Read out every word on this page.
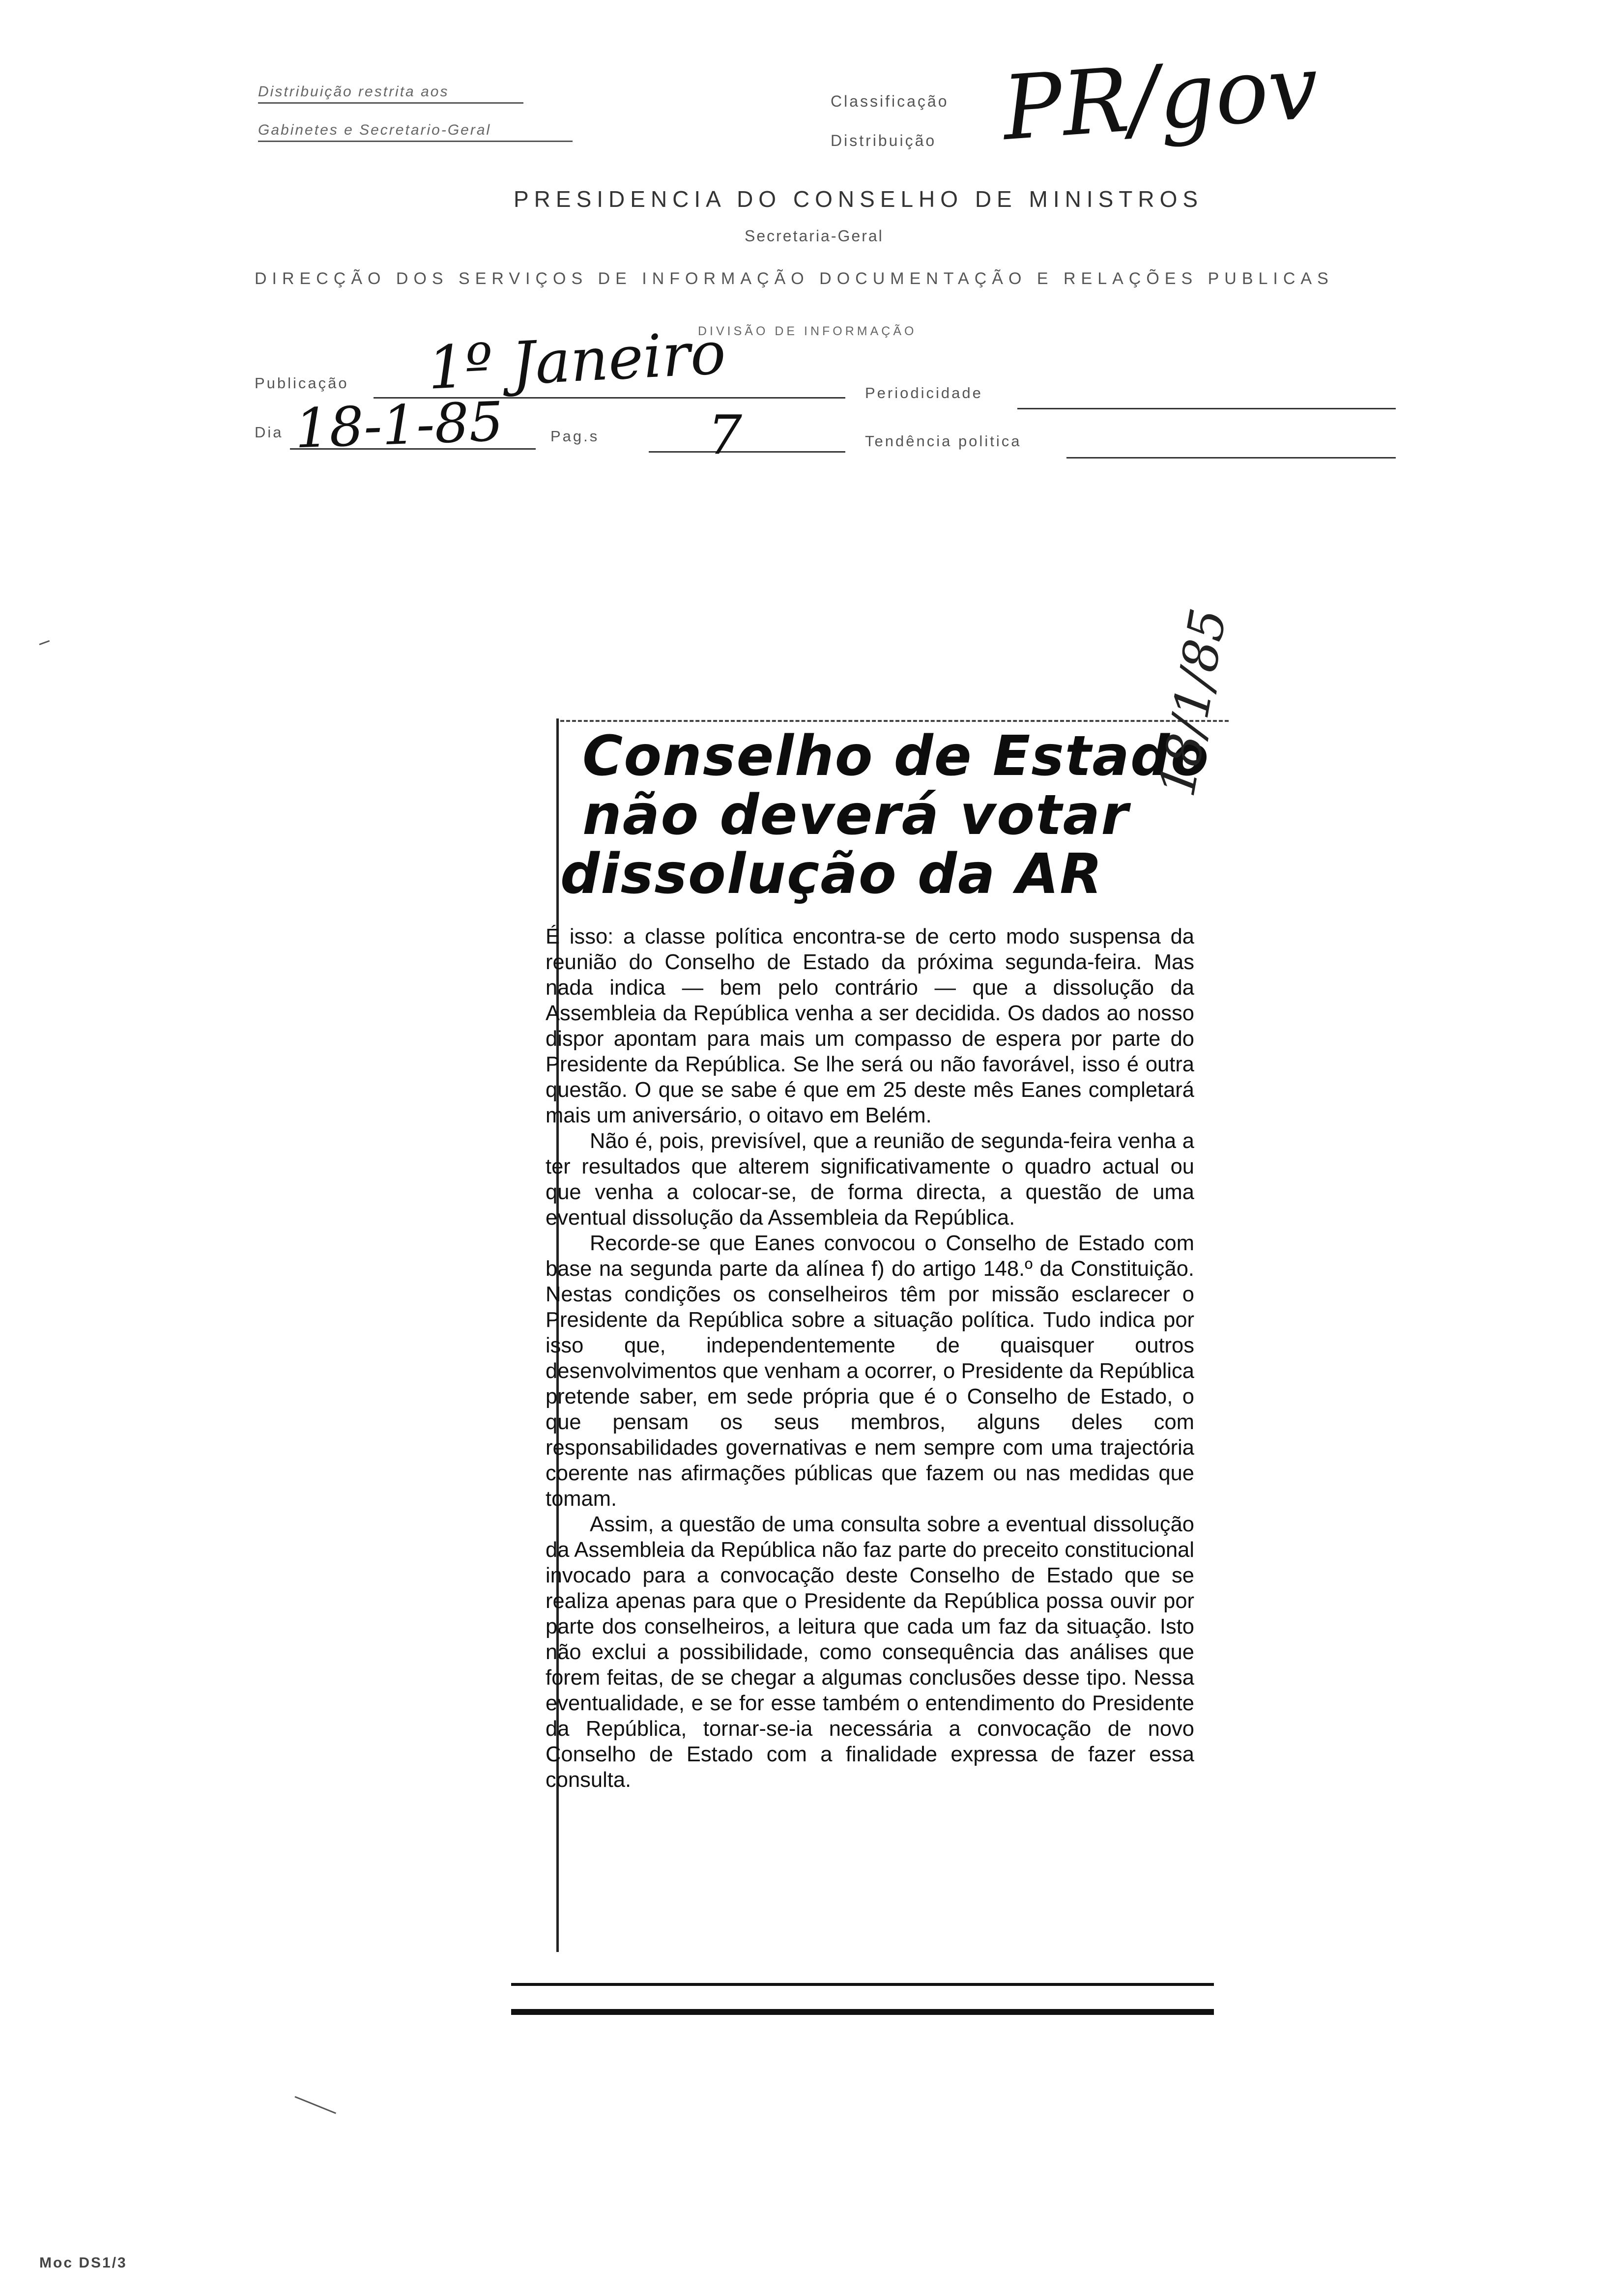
Distribuição restrita aos
Gabinetes e Secretario-Geral
Classificação
Distribuição PR/gov
PRESIDENCIA DO CONSELHO DE MINISTROS
Secretaria-Geral
DIRECÇÃO DOS SERVIÇOS DE INFORMAÇÃO DOCUMENTAÇÃO E RELAÇÕES PUBLICAS
DIVISÃO DE INFORMAÇÃO
Publicação 1º Janeiro	Periodicidade
Dia 18-1-85	Pag.s 7	Tendência politica
Conselho de Estado
não deverá votar
dissolução da AR
18/1/85

É isso: a classe política encontra-se de certo modo suspensa da reunião do Conselho de Estado da próxima segunda-feira. Mas nada indica — bem pelo contrário — que a dissolução da Assembleia da República venha a ser decidida. Os dados ao nosso dispor apontam para mais um compasso de espera por parte do Presidente da República. Se lhe será ou não favorável, isso é outra questão. O que se sabe é que em 25 deste mês Eanes completará mais um aniversário, o oitavo em Belém.

Não é, pois, previsível, que a reunião de segunda-feira venha a ter resultados que alterem significativamente o quadro actual ou que venha a colocar-se, de forma directa, a questão de uma eventual dissolução da Assembleia da República.

Recorde-se que Eanes convocou o Conselho de Estado com base na segunda parte da alínea f) do artigo 148.º da Constituição. Nestas condições os conselheiros têm por missão esclarecer o Presidente da República sobre a situação política. Tudo indica por isso que, independentemente de quaisquer outros desenvolvimentos que venham a ocorrer, o Presidente da República pretende saber, em sede própria que é o Conselho de Estado, o que pensam os seus membros, alguns deles com responsabilidades governativas e nem sempre com uma trajectória coerente nas afirmações públicas que fazem ou nas medidas que tomam.

Assim, a questão de uma consulta sobre a eventual dissolução da Assembleia da República não faz parte do preceito constitucional invocado para a convocação deste Conselho de Estado que se realiza apenas para que o Presidente da República possa ouvir por parte dos conselheiros, a leitura que cada um faz da situação. Isto não exclui a possibilidade, como consequência das análises que forem feitas, de se chegar a algumas conclusões desse tipo. Nessa eventualidade, e se for esse também o entendimento do Presidente da República, tornar-se-ia necessária a convocação de novo Conselho de Estado com a finalidade expressa de fazer essa consulta.

Moc DS1/3
